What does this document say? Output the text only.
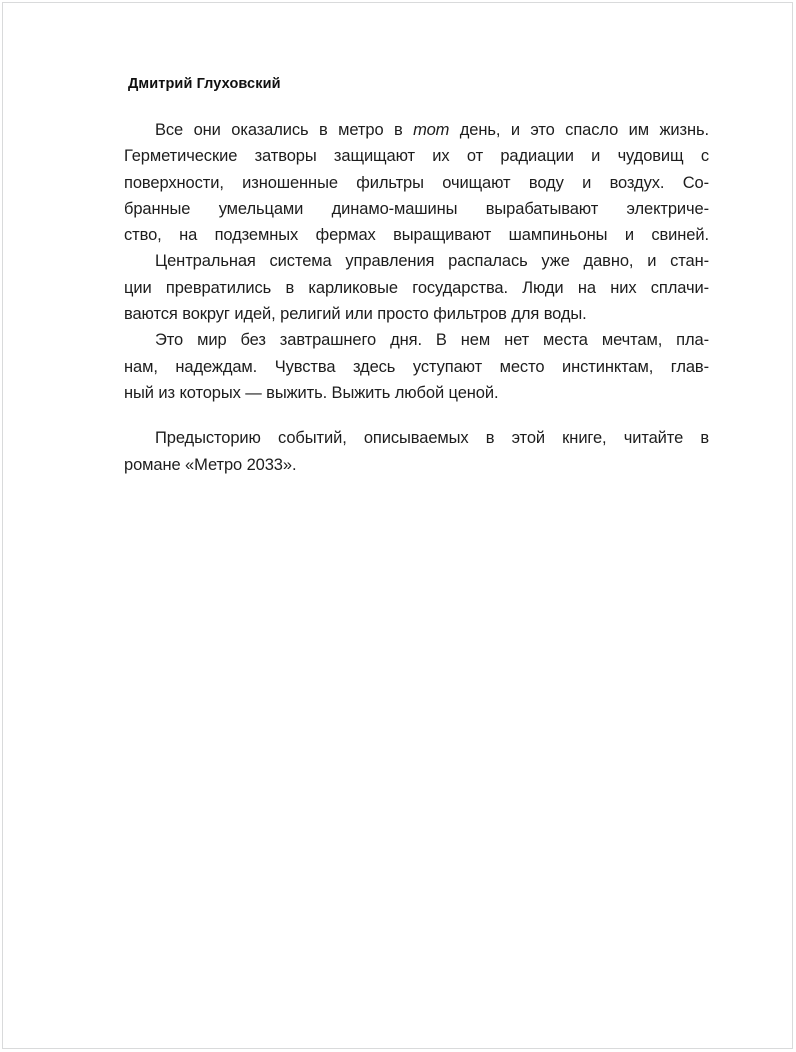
Дмитрий Глуховский
Все они оказались в метро в тот день, и это спасло им жизнь.
Герметические затворы защищают их от радиации и чудовищ с
поверхности, изношенные фильтры очищают воду и воздух. Со-
бранные умельцами динамо-машины вырабатывают электриче-
ство, на подземных фермах выращивают шампиньоны и свиней.
Центральная система управления распалась уже давно, и стан-
ции превратились в карликовые государства. Люди на них сплачи-
ваются вокруг идей, религий или просто фильтров для воды.
Это мир без завтрашнего дня. В нем нет места мечтам, пла-
нам, надеждам. Чувства здесь уступают место инстинктам, глав-
ный из которых — выжить. Выжить любой ценой.
Предысторию событий, описываемых в этой книге, читайте в
романе «Метро 2033».
